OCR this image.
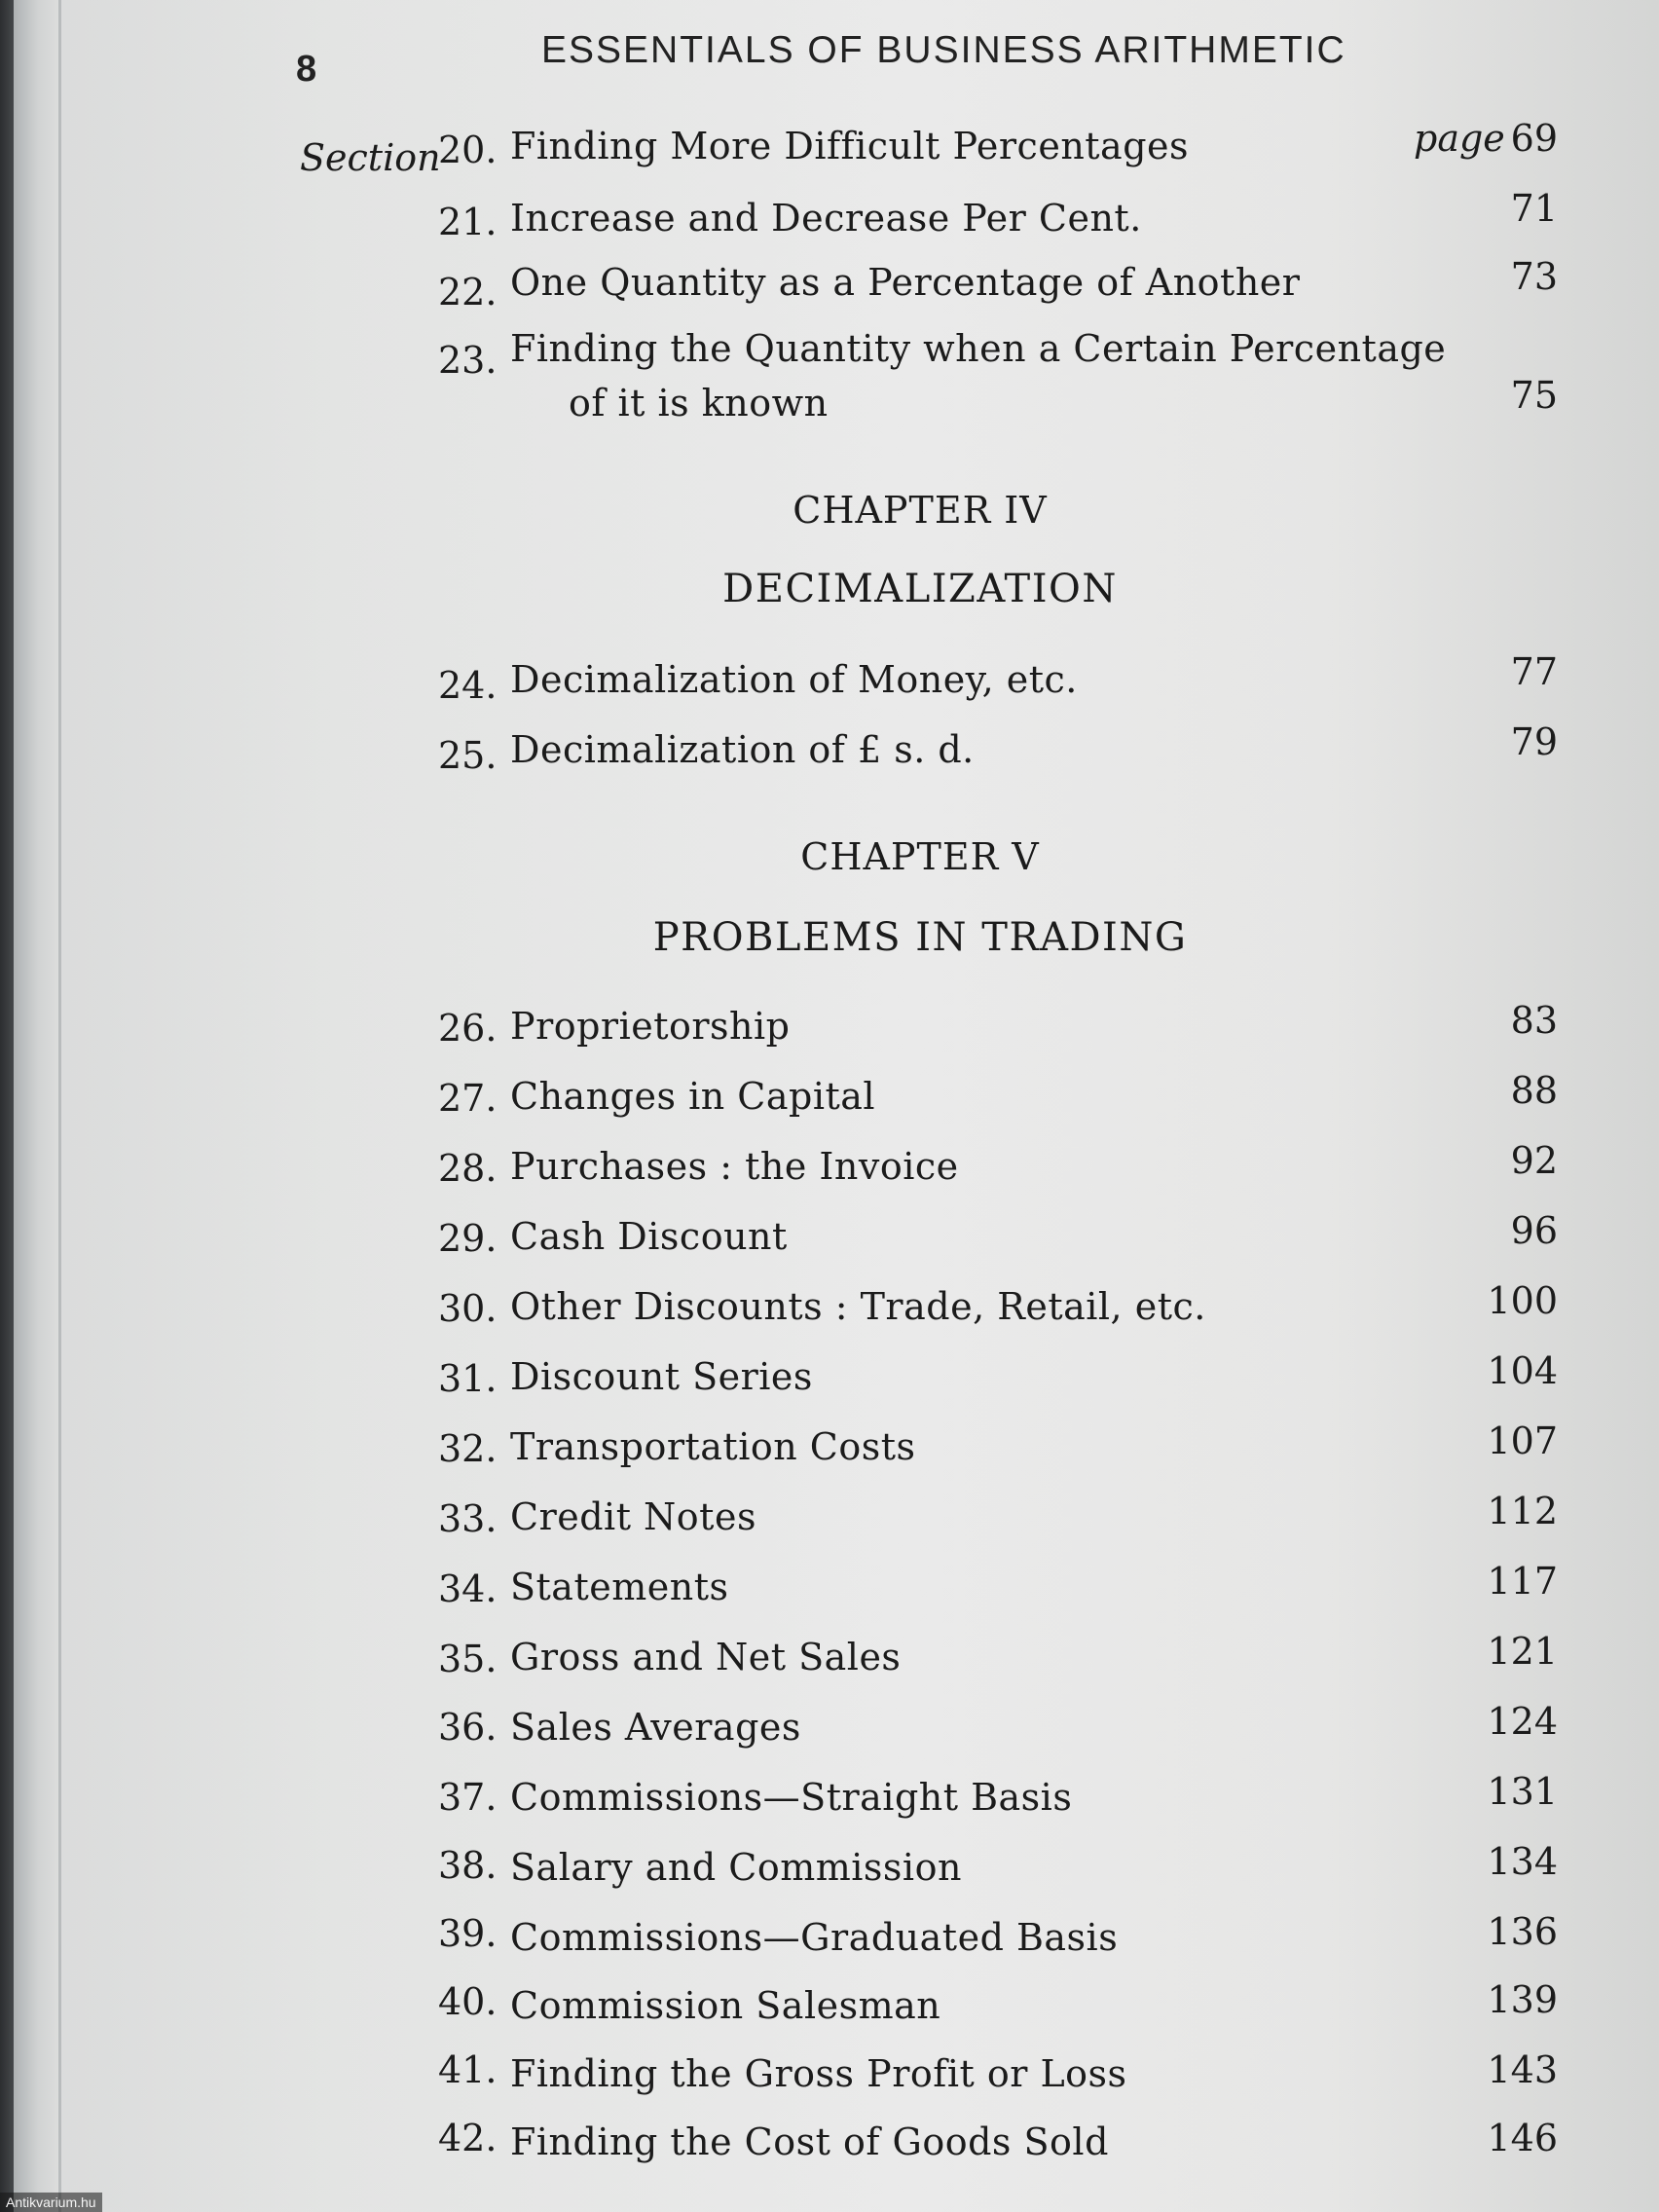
8	ESSENTIALS OF BUSINESS ARITHMETIC
Section	page
20. Finding More Difficult Percentages	69
21. Increase and Decrease Per Cent.	71
22. One Quantity as a Percentage of Another	73
23. Finding the Quantity when a Certain Percentage
of it is known	75
CHAPTER IV
DECIMALIZATION
24. Decimalization of Money, etc.	77
25. Decimalization of £ s. d.	79
CHAPTER V
PROBLEMS IN TRADING
26. Proprietorship	83
27. Changes in Capital	88
28. Purchases : the Invoice	92
29. Cash Discount	96
30. Other Discounts : Trade, Retail, etc.	100
31. Discount Series	104
32. Transportation Costs	107
33. Credit Notes	112
34. Statements	117
35. Gross and Net Sales	121
36. Sales Averages	124
37. Commissions—Straight Basis	131
38. Salary and Commission	134
39. Commissions—Graduated Basis	136
40. Commission Salesman	139
41. Finding the Gross Profit or Loss	143
42. Finding the Cost of Goods Sold	146
Antikvarium.hu
